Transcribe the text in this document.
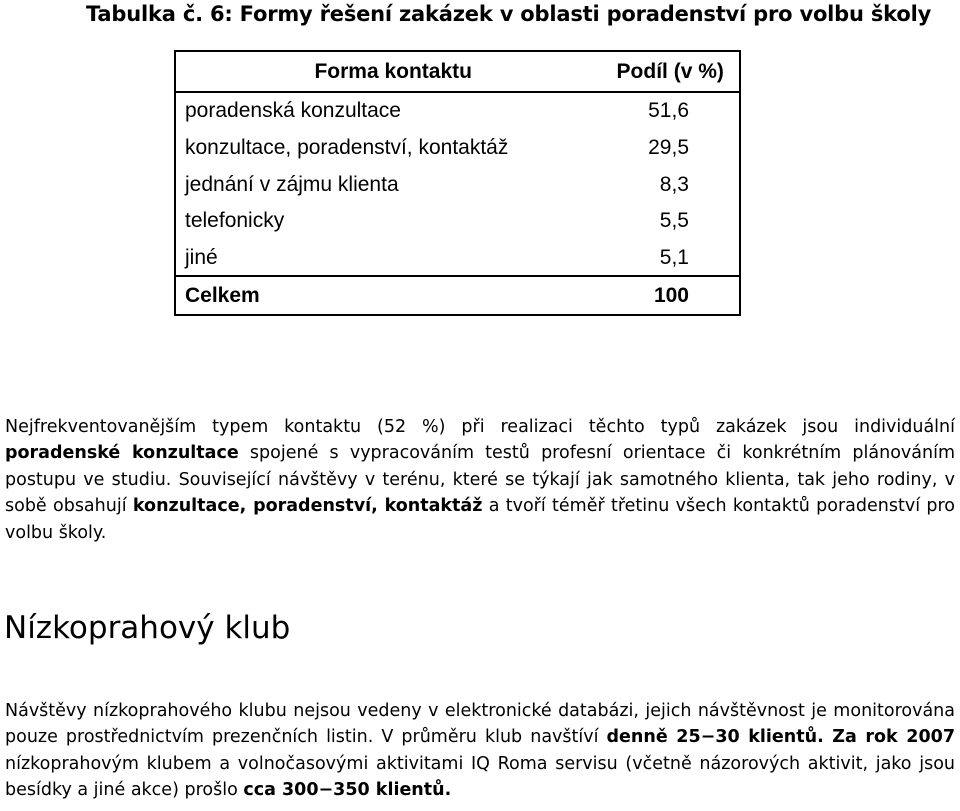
Tabulka č. 6: Formy řešení zakázek v oblasti poradenství pro volbu školy
Forma kontaktu	Podíl (v %)
poradenská konzultace	51,6
konzultace, poradenství, kontaktáž	29,5
jednání v zájmu klienta	8,3
telefonicky	5,5
jiné	5,1
Celkem	100

Nejfrekventovanějším typem kontaktu (52 %) při realizaci těchto typů zakázek jsou individuální poradenské konzultace spojené s vypracováním testů profesní orientace či konkrétním plánováním postupu ve studiu. Související návštěvy v terénu, které se týkají jak samotného klienta, tak jeho rodiny, v sobě obsahují konzultace, poradenství, kontaktáž a tvoří téměř třetinu všech kontaktů poradenství pro volbu školy.

Nízkoprahový klub

Návštěvy nízkoprahového klubu nejsou vedeny v elektronické databázi, jejich návštěvnost je monitorována pouze prostřednictvím prezenčních listin. V průměru klub navštíví denně 25−30 klientů. Za rok 2007 nízkoprahovým klubem a volnočasovými aktivitami IQ Roma servisu (včetně názorových aktivit, jako jsou besídky a jiné akce) prošlo cca 300−350 klientů.
